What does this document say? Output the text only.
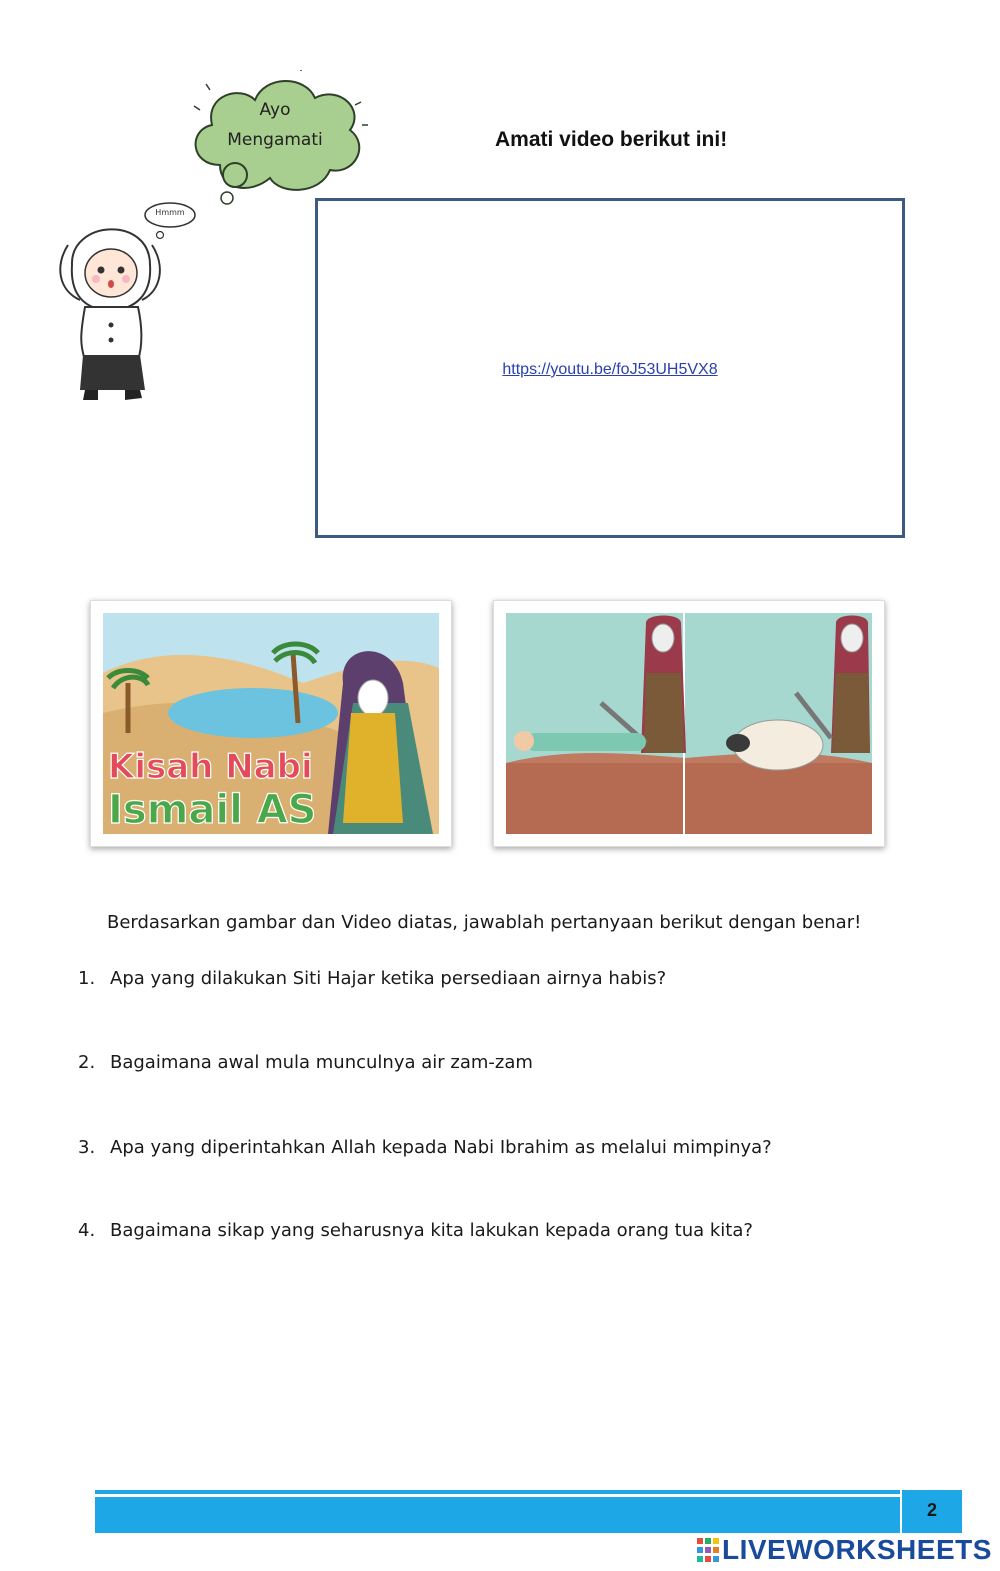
Ayo
Mengamati
Hmmm
Amati video berikut ini!
https://youtu.be/foJ53UH5VX8
Kisah Nabi
Ismail AS
Berdasarkan gambar dan Video diatas, jawablah pertanyaan berikut dengan benar!
1. Apa yang dilakukan Siti Hajar ketika persediaan airnya habis?
2. Bagaimana awal mula munculnya air zam-zam
3. Apa yang diperintahkan Allah kepada Nabi Ibrahim as melalui mimpinya?
4. Bagaimana sikap yang seharusnya kita lakukan kepada orang tua kita?
2
LIVEWORKSHEETS
